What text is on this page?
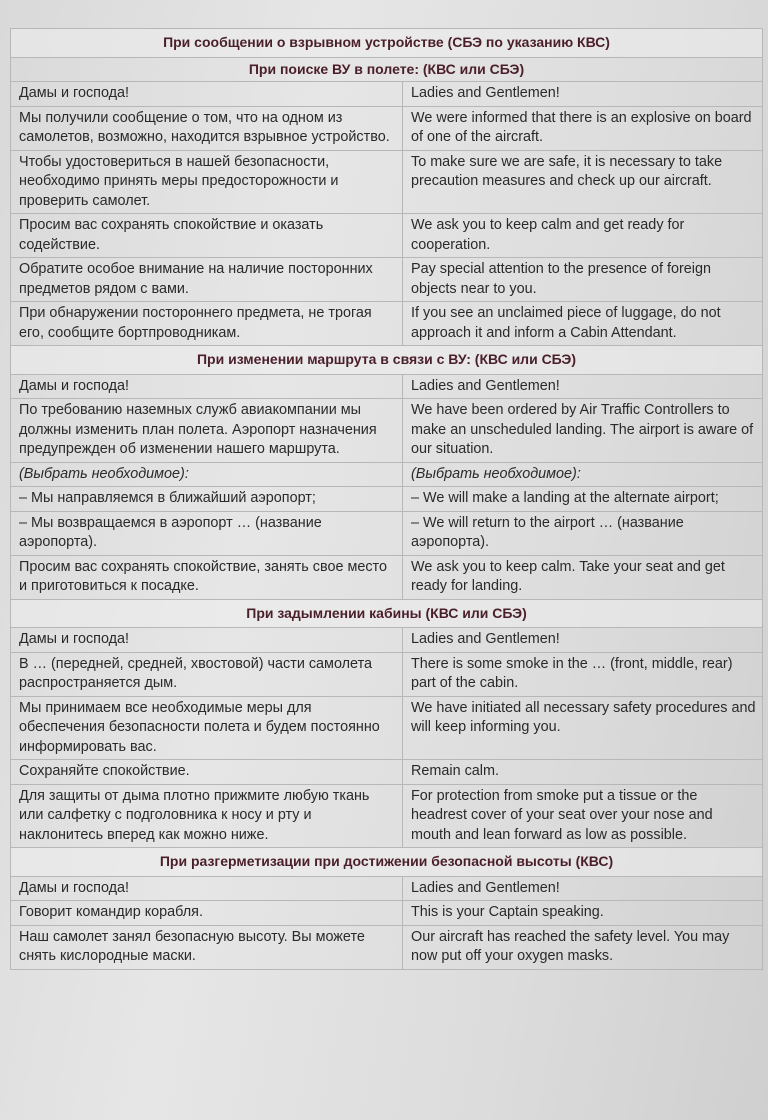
При сообщении о взрывном устройстве (СБЭ по указанию КВС)	
При поиске ВУ в полете: (КВС или СБЭ)	
Дамы и господа!	Ladies and Gentlemen!
Мы получили сообщение о том, что на одном из самолетов, возможно, находится взрывное устройство.	We were informed that there is an explosive on board of one of the aircraft.
Чтобы удостовериться в нашей безопасности, необходимо принять меры предосторожности и проверить самолет.	To make sure we are safe, it is necessary to take precaution measures and check up our aircraft.
Просим вас сохранять спокойствие и оказать содействие.	We ask you to keep calm and get ready for cooperation.
Обратите особое внимание на наличие посторонних предметов рядом с вами.	Pay special attention to the presence of foreign objects near to you.
При обнаружении постороннего предмета, не трогая его, сообщите бортпроводникам.	If you see an unclaimed piece of luggage, do not approach it and inform a Cabin Attendant.
При изменении маршрута в связи с ВУ: (КВС или СБЭ)	
Дамы и господа!	Ladies and Gentlemen!
По требованию наземных служб авиакомпании мы должны изменить план полета. Аэропорт назначения предупрежден об изменении нашего маршрута.	We have been ordered by Air Traffic Controllers to make an unscheduled landing. The airport is aware of our situation.
(Выбрать необходимое):	(Выбрать необходимое):
– Мы направляемся в ближайший аэропорт;	– We will make a landing at the alternate airport;
– Мы возвращаемся в аэропорт … (название аэропорта).	– We will return to the airport … (название аэропорта).
Просим вас сохранять спокойствие, занять свое место и приготовиться к посадке.	We ask you to keep calm. Take your seat and get ready for landing.
При задымлении кабины (КВС или СБЭ)	
Дамы и господа!	Ladies and Gentlemen!
В … (передней, средней, хвостовой) части самолета распространяется дым.	There is some smoke in the … (front, middle, rear) part of the cabin.
Мы принимаем все необходимые меры для обеспечения безопасности полета и будем постоянно информировать вас.	We have initiated all necessary safety procedures and will keep informing you.
Сохраняйте спокойствие.	Remain calm.
Для защиты от дыма плотно прижмите любую ткань или салфетку с подголовника к носу и рту и наклонитесь вперед как можно ниже.	For protection from smoke put a tissue or the headrest cover of your seat over your nose and mouth and lean forward as low as possible.
При разгерметизации при достижении безопасной высоты (КВС)	
Дамы и господа!	Ladies and Gentlemen!
Говорит командир корабля.	This is your Captain speaking.
Наш самолет занял безопасную высоту. Вы можете снять кислородные маски.	Our aircraft has reached the safety level. You may now put off your oxygen masks.
